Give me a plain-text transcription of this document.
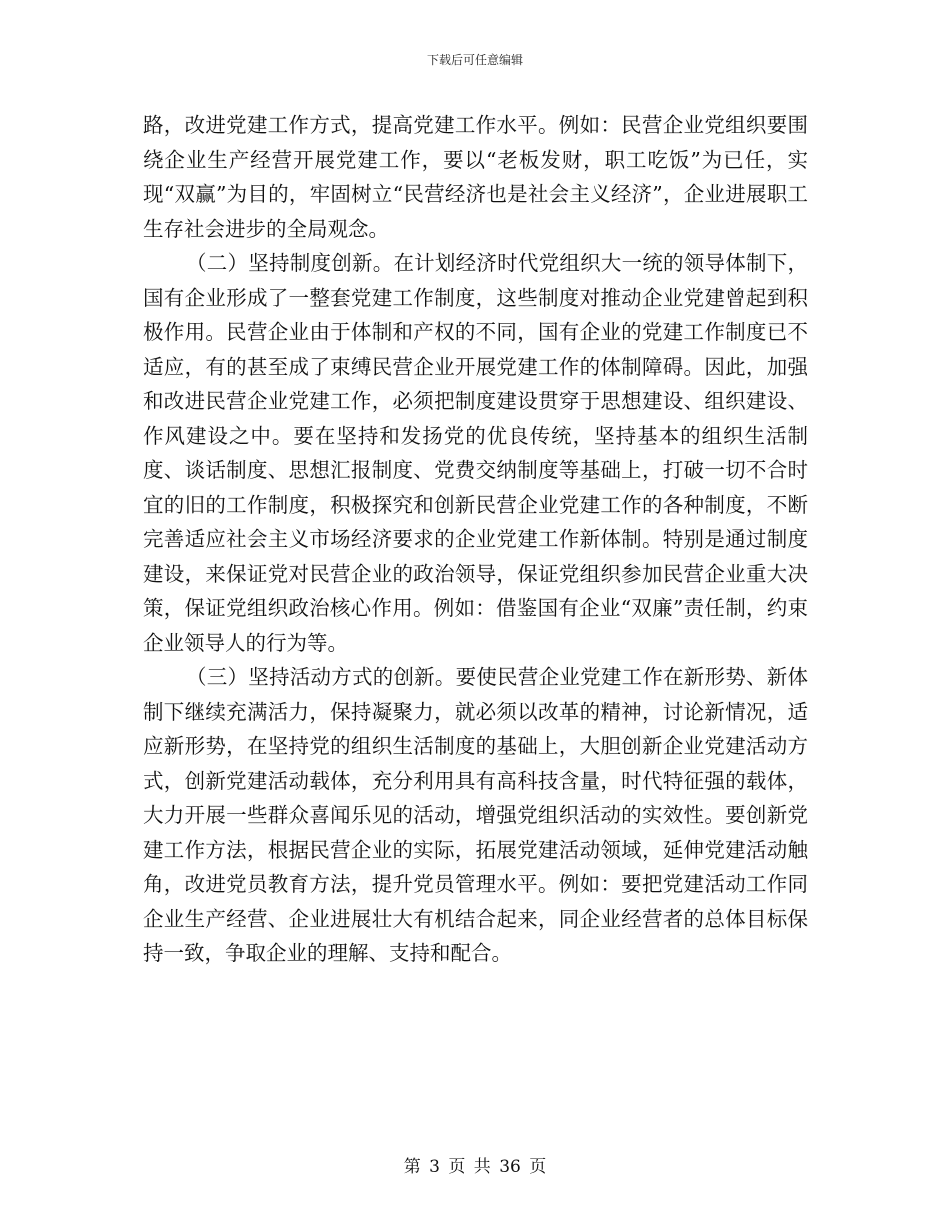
下载后可任意编辑

路，改进党建工作方式，提高党建工作水平。例如：民营企业党组织要围绕企业生产经营开展党建工作，要以“老板发财，职工吃饭”为已任，实现“双赢”为目的，牢固树立“民营经济也是社会主义经济”，企业进展职工生存社会进步的全局观念。

（二）坚持制度创新。在计划经济时代党组织大一统的领导体制下，国有企业形成了一整套党建工作制度，这些制度对推动企业党建曾起到积极作用。民营企业由于体制和产权的不同，国有企业的党建工作制度已不适应，有的甚至成了束缚民营企业开展党建工作的体制障碍。因此，加强和改进民营企业党建工作，必须把制度建设贯穿于思想建设、组织建设、作风建设之中。要在坚持和发扬党的优良传统，坚持基本的组织生活制度、谈话制度、思想汇报制度、党费交纳制度等基础上，打破一切不合时宜的旧的工作制度，积极探究和创新民营企业党建工作的各种制度，不断完善适应社会主义市场经济要求的企业党建工作新体制。特别是通过制度建设，来保证党对民营企业的政治领导，保证党组织参加民营企业重大决策，保证党组织政治核心作用。例如：借鉴国有企业“双廉”责任制，约束企业领导人的行为等。

（三）坚持活动方式的创新。要使民营企业党建工作在新形势、新体制下继续充满活力，保持凝聚力，就必须以改革的精神，讨论新情况，适应新形势，在坚持党的组织生活制度的基础上，大胆创新企业党建活动方式，创新党建活动载体，充分利用具有高科技含量，时代特征强的载体，大力开展一些群众喜闻乐见的活动，增强党组织活动的实效性。要创新党建工作方法，根据民营企业的实际，拓展党建活动领域，延伸党建活动触角，改进党员教育方法，提升党员管理水平。例如：要把党建活动工作同企业生产经营、企业进展壮大有机结合起来，同企业经营者的总体目标保持一致，争取企业的理解、支持和配合。

第 3 页 共 36 页
